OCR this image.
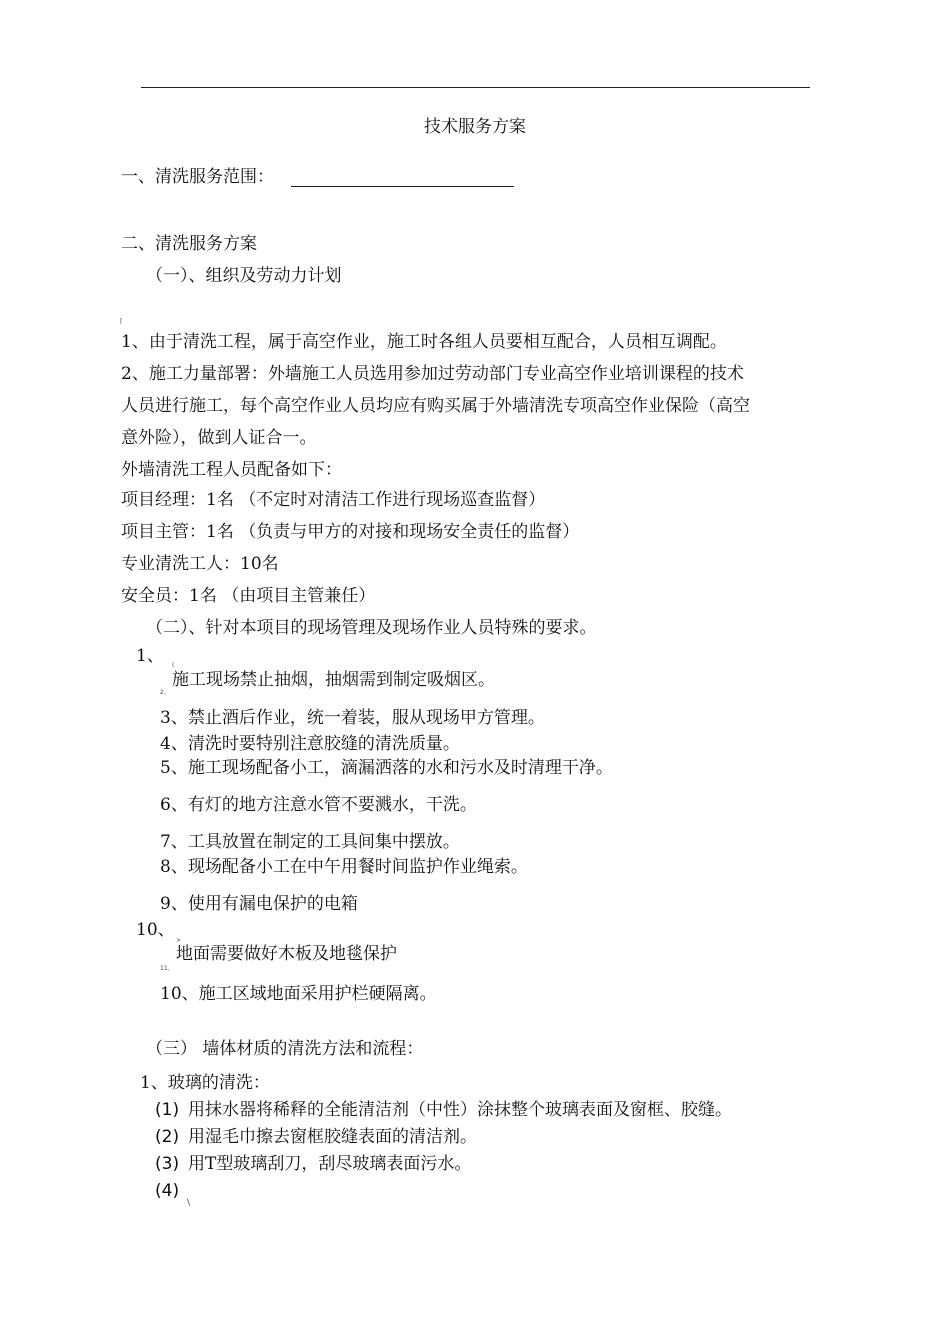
技术服务方案
一、清洗服务范围：
二、清洗服务方案
（一）、组织及劳动力计划
[
1、由于清洗工程，属于高空作业，施工时各组人员要相互配合，人员相互调配。
2、施工力量部署：外墙施工人员选用参加过劳动部门专业高空作业培训课程的技术
人员进行施工，每个高空作业人员均应有购买属于外墙清洗专项高空作业保险（高空
意外险），做到人证合一。
外墙清洗工程人员配备如下：
项目经理：1名 （不定时对清洁工作进行现场巡查监督）
项目主管：1名 （负责与甲方的对接和现场安全责任的监督）
专业清洗工人：10名
安全员：1名 （由项目主管兼任）
（二）、针对本项目的现场管理及现场作业人员特殊的要求。
1、 (
2、
施工现场禁止抽烟，抽烟需到制定吸烟区。
3、禁止酒后作业，统一着装，服从现场甲方管理。
4、清洗时要特别注意胶缝的清洗质量。
5、施工现场配备小工，滴漏洒落的水和污水及时清理干净。
6、有灯的地方注意水管不要溅水，干洗。
7、工具放置在制定的工具间集中摆放。
8、现场配备小工在中午用餐时间监护作业绳索。
9、使用有漏电保护的电箱
10、
>
11、
地面需要做好木板及地毯保护
10、施工区域地面采用护栏硬隔离。
（三） 墙体材质的清洗方法和流程：
1、玻璃的清洗：
(1) 用抹水器将稀释的全能清洁剂（中性）涂抹整个玻璃表面及窗框、胶缝。
(2) 用湿毛巾擦去窗框胶缝表面的清洁剂。
(3) 用T型玻璃刮刀，刮尽玻璃表面污水。
(4)
\
